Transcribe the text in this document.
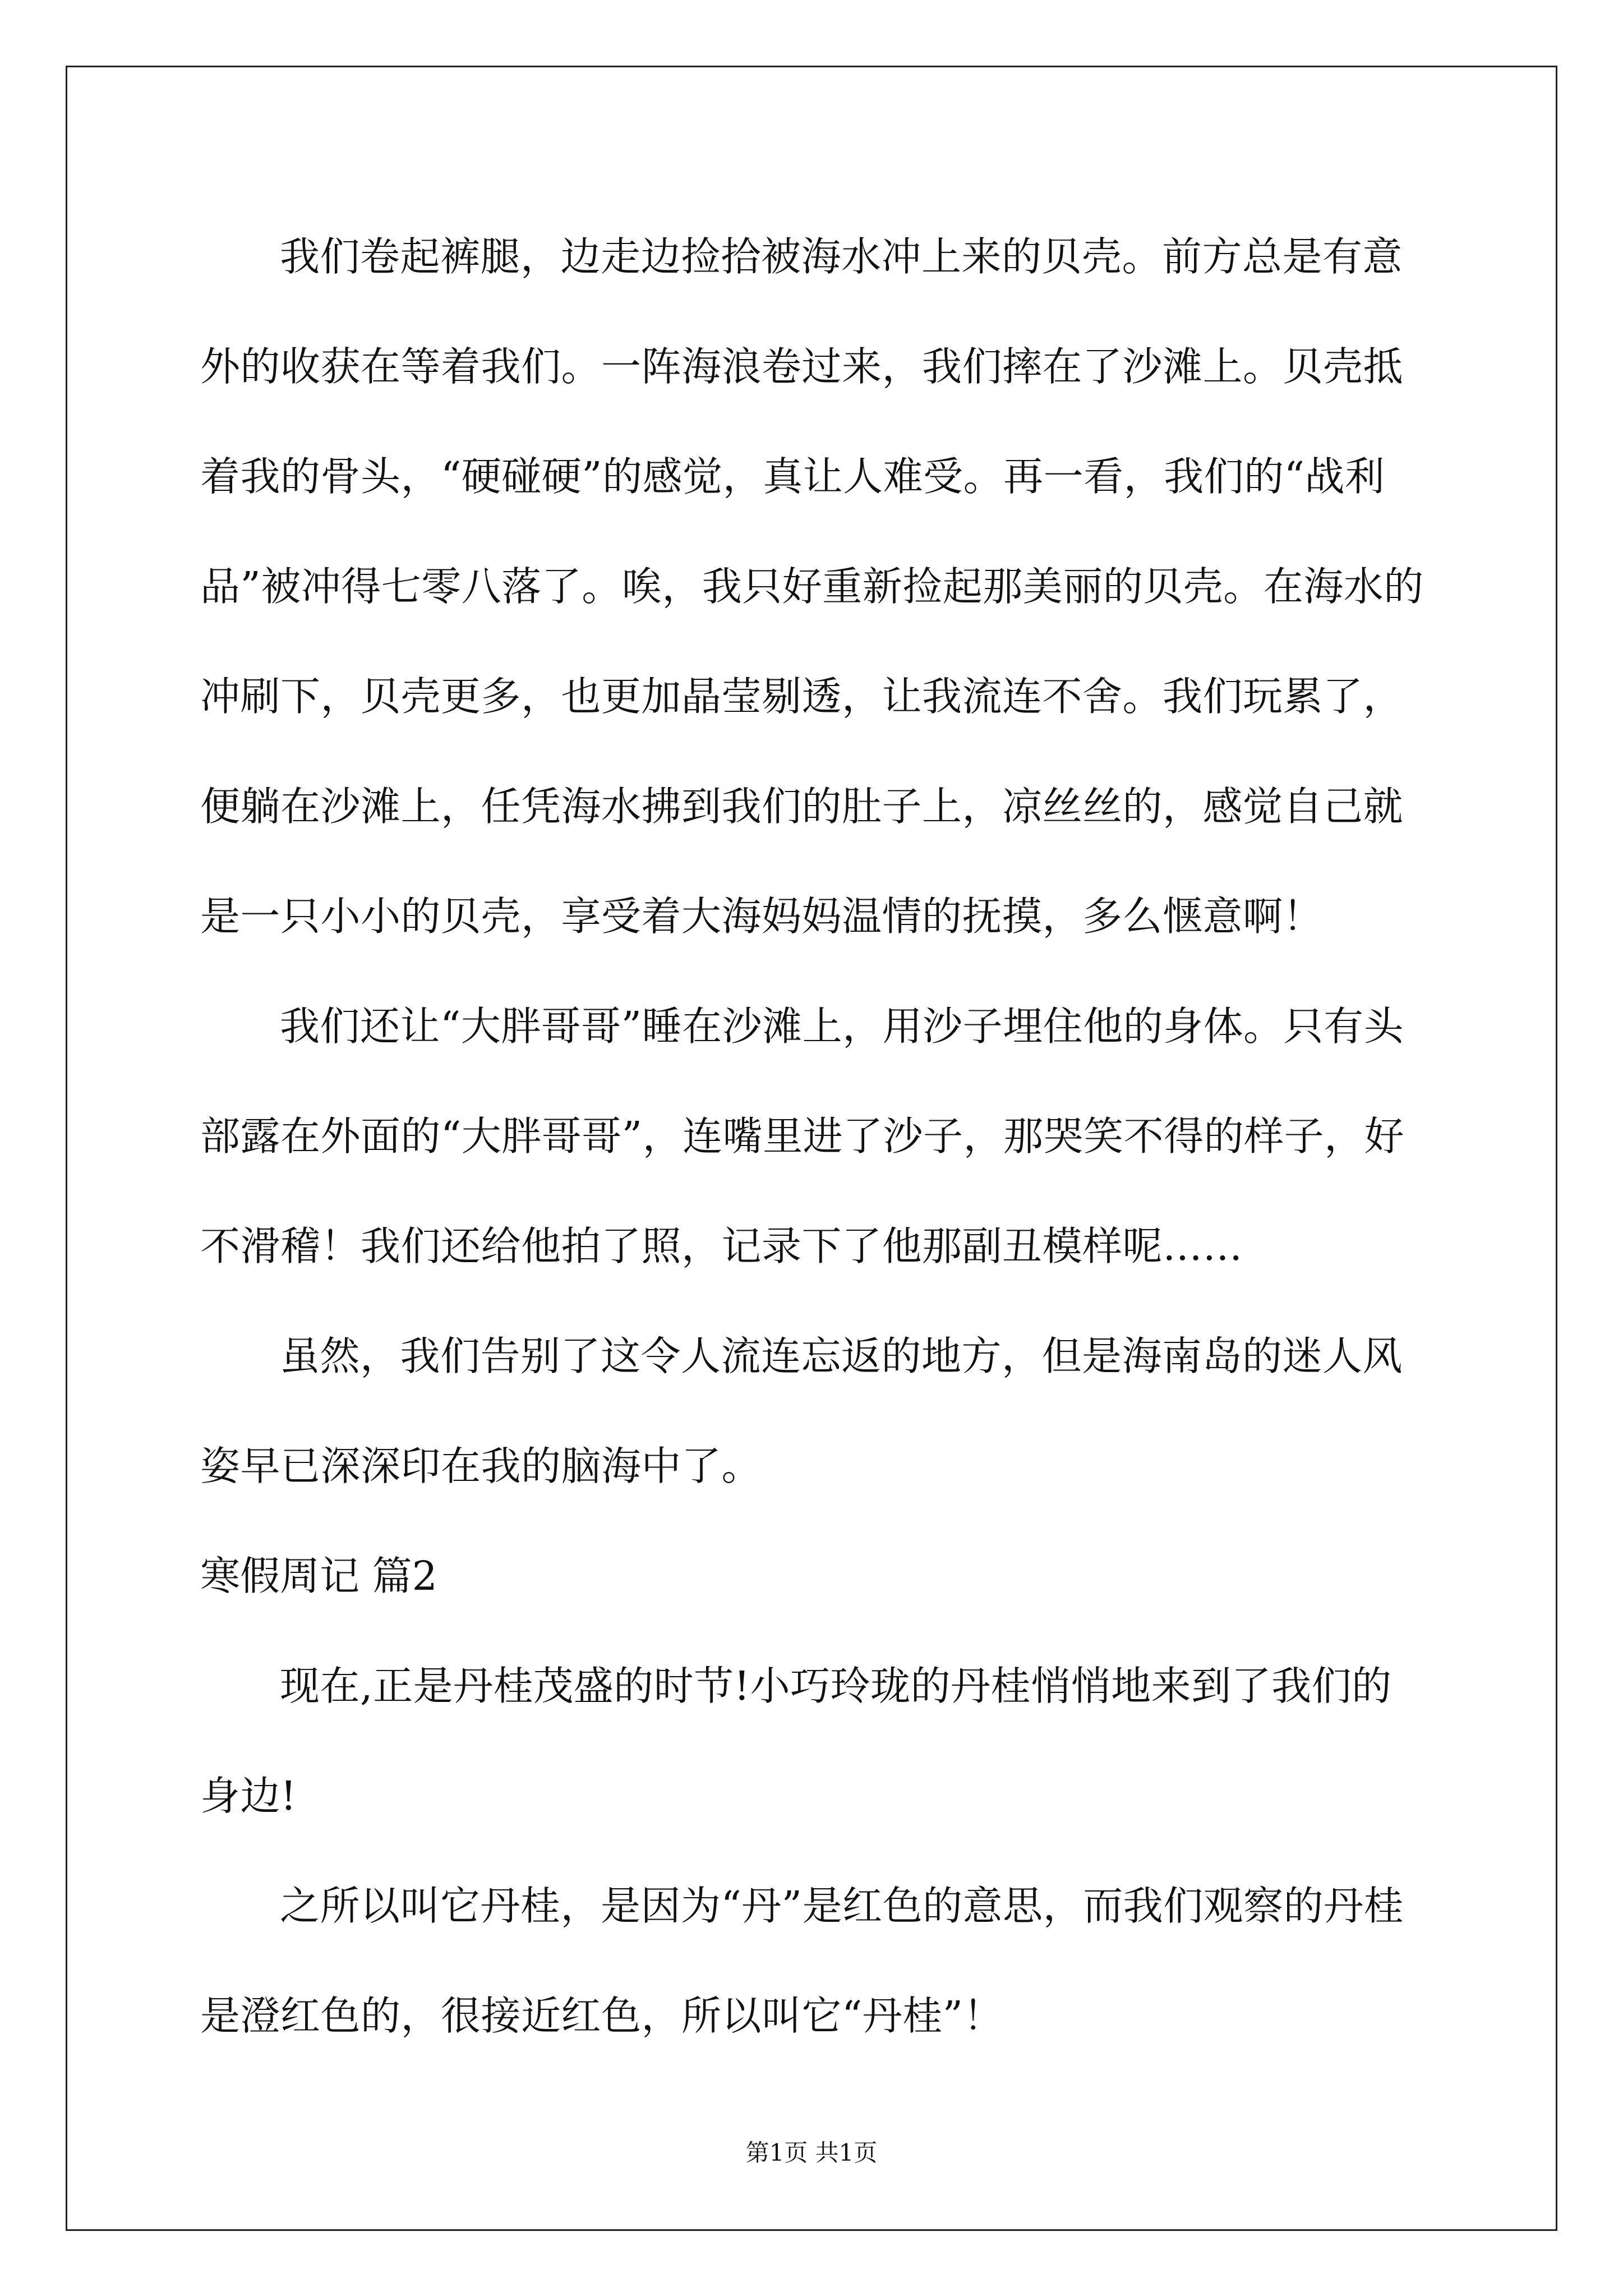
我们卷起裤腿，边走边捡拾被海水冲上来的贝壳。前方总是有意外的收获在等着我们。一阵海浪卷过来，我们摔在了沙滩上。贝壳抵着我的骨头，“硬碰硬”的感觉，真让人难受。再一看，我们的“战利品”被冲得七零八落了。唉，我只好重新捡起那美丽的贝壳。在海水的冲刷下，贝壳更多，也更加晶莹剔透，让我流连不舍。我们玩累了，便躺在沙滩上，任凭海水拂到我们的肚子上，凉丝丝的，感觉自己就是一只小小的贝壳，享受着大海妈妈温情的抚摸，多么惬意啊！

我们还让“大胖哥哥”睡在沙滩上，用沙子埋住他的身体。只有头部露在外面的“大胖哥哥”，连嘴里进了沙子，那哭笑不得的样子，好不滑稽！我们还给他拍了照，记录下了他那副丑模样呢……

虽然，我们告别了这令人流连忘返的地方，但是海南岛的迷人风姿早已深深印在我的脑海中了。

寒假周记 篇2

现在,正是丹桂茂盛的时节!小巧玲珑的丹桂悄悄地来到了我们的身边!

之所以叫它丹桂，是因为“丹”是红色的意思，而我们观察的丹桂是澄红色的，很接近红色，所以叫它“丹桂”！

第1页 共1页
